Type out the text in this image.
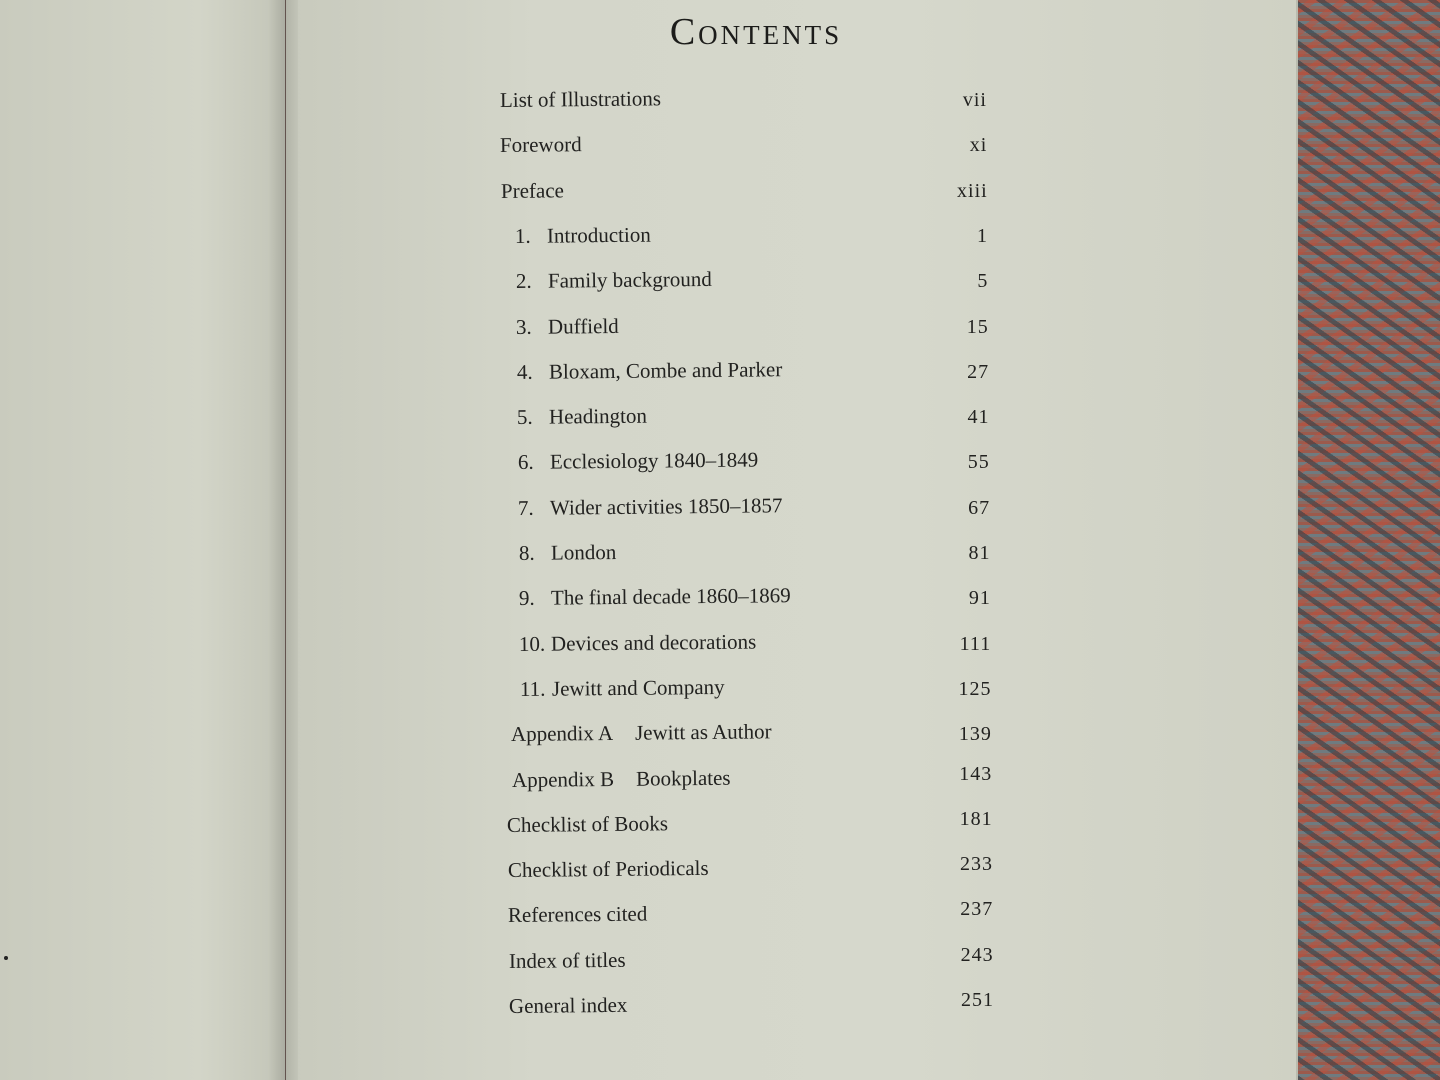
Contents
List of Illustrations	vii
Foreword	xi
Preface	xiii
1. Introduction	1
2. Family background	5
3. Duffield	15
4. Bloxam, Combe and Parker	27
5. Headington	41
6. Ecclesiology 1840–1849	55
7. Wider activities 1850–1857	67
8. London	81
9. The final decade 1860–1869	91
10. Devices and decorations	111
11. Jewitt and Company	125
Appendix A Jewitt as Author	139
Appendix B Bookplates	143
Checklist of Books	181
Checklist of Periodicals	233
References cited	237
Index of titles	243
General index	251
